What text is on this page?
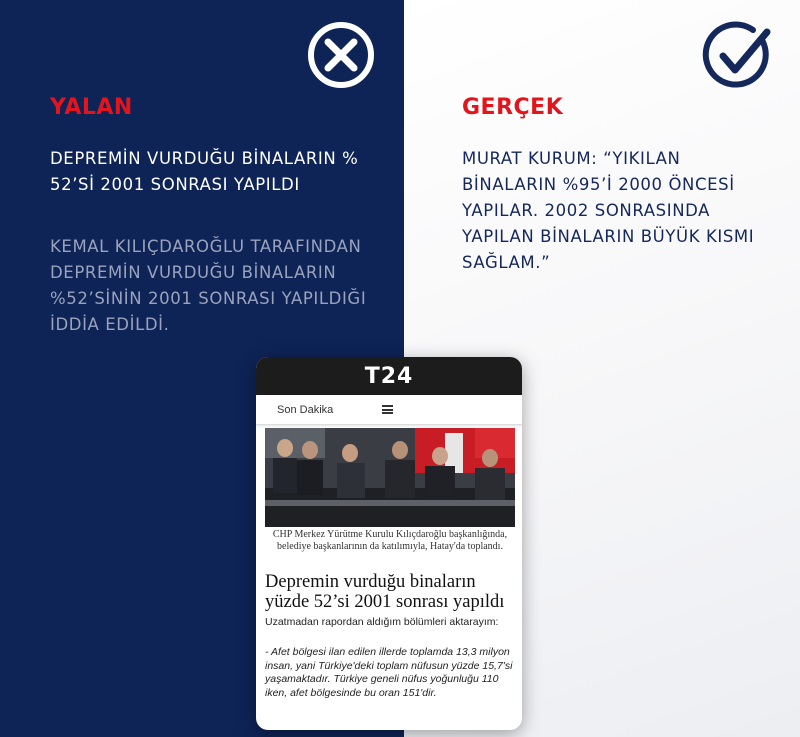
YALAN
DEPREMİN VURDUĞU BİNALARIN % 52’Sİ 2001 SONRASI YAPILDI
KEMAL KILIÇDAROĞLU TARAFINDAN DEPREMİN VURDUĞU BİNALARIN %52’SİNİN 2001 SONRASI YAPILDIĞI İDDİA EDİLDİ.
GERÇEK
MURAT KURUM: “YIKILAN BİNALARIN %95’İ 2000 ÖNCESİ YAPILAR. 2002 SONRASINDA YAPILAN BİNALARIN BÜYÜK KISMI SAĞLAM.”
T24
Son Dakika
CHP Merkez Yürütme Kurulu Kılıçdaroğlu başkanlığında, belediye başkanlarının da katılımıyla, Hatay'da toplandı.
Depremin vurduğu binaların yüzde 52’si 2001 sonrası yapıldı
Uzatmadan rapordan aldığım bölümleri aktarayım:
- Afet bölgesi ilan edilen illerde toplamda 13,3 milyon insan, yani Türkiye'deki toplam nüfusun yüzde 15,7'si yaşamaktadır. Türkiye geneli nüfus yoğunluğu 110 iken, afet bölgesinde bu oran 151'dir.
